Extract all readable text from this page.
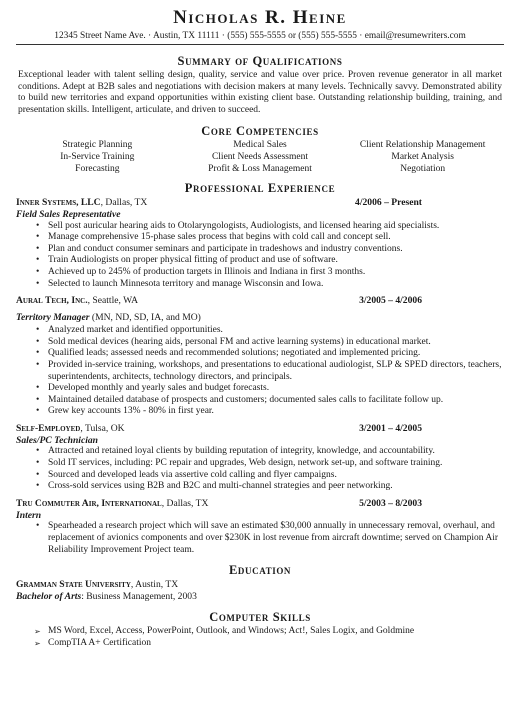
Nicholas R. Heine
12345 Street Name Ave. · Austin, TX 11111 · (555) 555-5555 or (555) 555-5555 · email@resumewriters.com
Summary of Qualifications

Exceptional leader with talent selling design, quality, service and value over price. Proven revenue generator in all market conditions. Adept at B2B sales and negotiations with decision makers at many levels. Technically savvy. Demonstrated ability to build new territories and expand opportunities within existing client base. Outstanding relationship building, training, and presentation skills. Intelligent, articulate, and driven to succeed.

Core Competencies
Strategic Planning	Medical Sales	Client Relationship Management
In-Service Training	Client Needs Assessment	Market Analysis
Forecasting	Profit & Loss Management	Negotiation
Professional Experience
Inner Systems, LLC, Dallas, TX	4/2006 – Present
Field Sales Representative
• Sell post auricular hearing aids to Otolaryngologists, Audiologists, and licensed hearing aid specialists.
• Manage comprehensive 15-phase sales process that begins with cold call and concept sell.
• Plan and conduct consumer seminars and participate in tradeshows and industry conventions.
• Train Audiologists on proper physical fitting of product and use of software.
• Achieved up to 245% of production targets in Illinois and Indiana in first 3 months.
• Selected to launch Minnesota territory and manage Wisconsin and Iowa.
Aural Tech, Inc., Seattle, WA	3/2005 – 4/2006
Territory Manager (MN, ND, SD, IA, and MO)
• Analyzed market and identified opportunities.
• Sold medical devices (hearing aids, personal FM and active learning systems) in educational market.
• Qualified leads; assessed needs and recommended solutions; negotiated and implemented pricing.
• Provided in-service training, workshops, and presentations to educational audiologist, SLP & SPED directors, teachers, superintendents, architects, technology directors, and principals.
• Developed monthly and yearly sales and budget forecasts.
• Maintained detailed database of prospects and customers; documented sales calls to facilitate follow up.
• Grew key accounts 13% - 80% in first year.
Self-Employed, Tulsa, OK	3/2001 – 4/2005
Sales/PC Technician
• Attracted and retained loyal clients by building reputation of integrity, knowledge, and accountability.
• Sold IT services, including: PC repair and upgrades, Web design, network set-up, and software training.
• Sourced and developed leads via assertive cold calling and flyer campaigns.
• Cross-sold services using B2B and B2C and multi-channel strategies and peer networking.
Tru Commuter Air, International, Dallas, TX	5/2003 – 8/2003
Intern
• Spearheaded a research project which will save an estimated $30,000 annually in unnecessary removal, overhaul, and replacement of avionics components and over $230K in lost revenue from aircraft downtime; served on Champion Air Reliability Improvement Project team.
Education
Gramman State University, Austin, TX
Bachelor of Arts: Business Management, 2003
Computer Skills
➢ MS Word, Excel, Access, PowerPoint, Outlook, and Windows; Act!, Sales Logix, and Goldmine
➢ CompTIA A+ Certification
